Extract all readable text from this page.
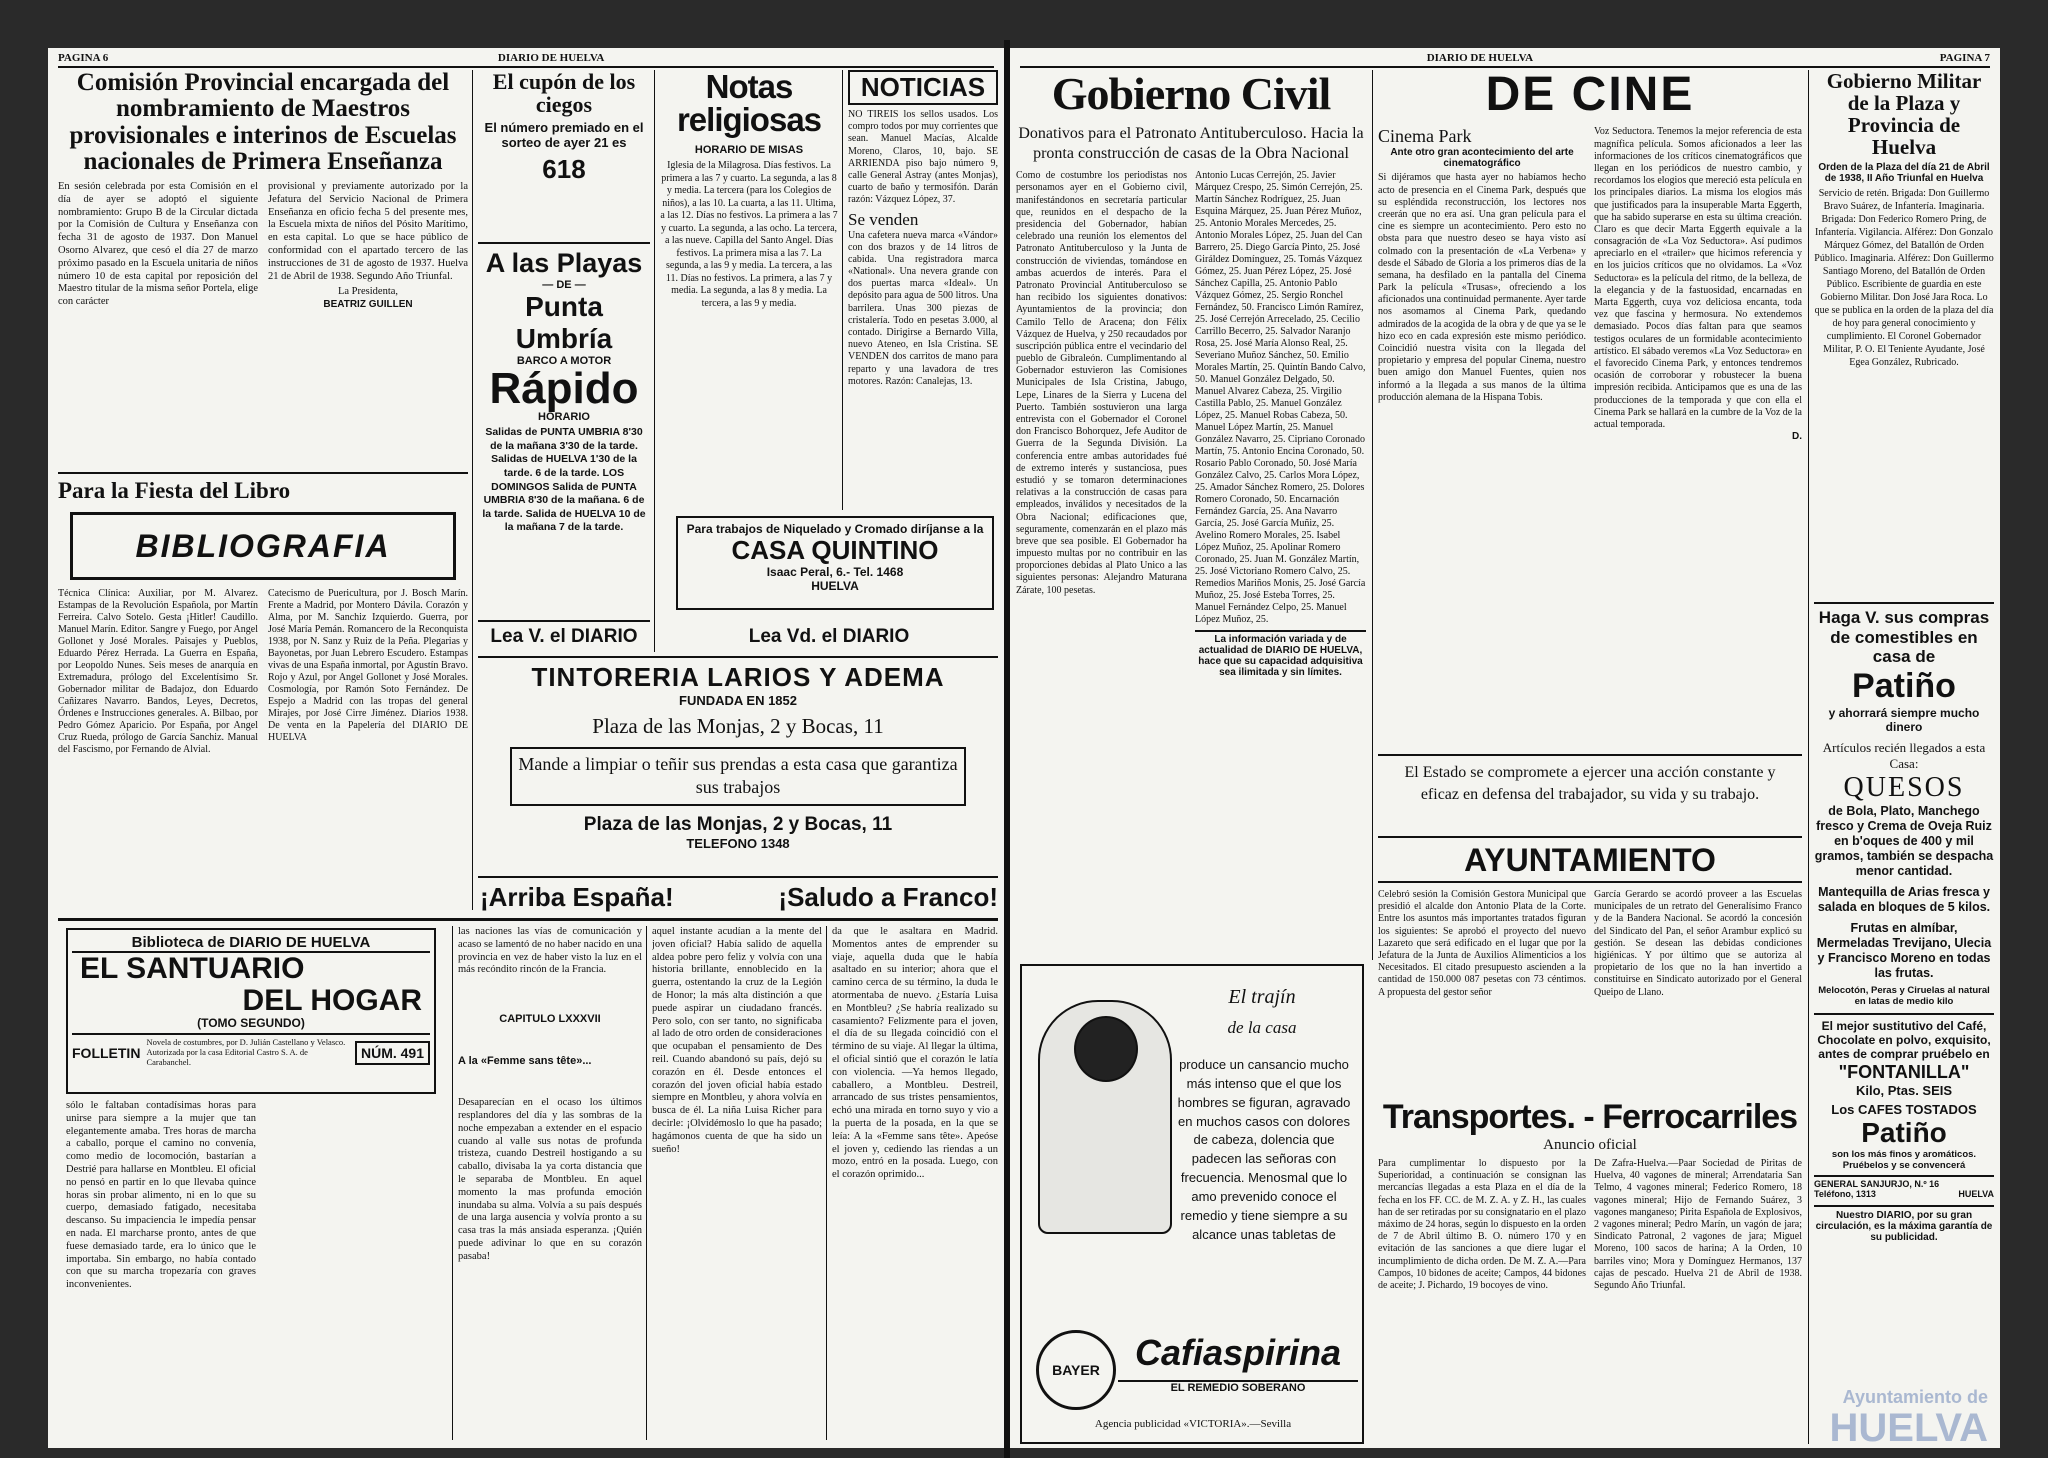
PAGINA 6	DIARIO DE HUELVA
Comisión Provincial encargada del nombramiento de Maestros provisionales e interinos de Escuelas nacionales de Primera Enseñanza
En sesión celebrada por esta Comisión en el día de ayer se adoptó el siguiente nombramiento: Grupo B de la Circular dictada por la Comisión de Cultura y Enseñanza con fecha 31 de agosto de 1937. Don Manuel Osorno Alvarez, que cesó el día 27 de marzo próximo pasado en la Escuela unitaria de niños número 10 de esta capital por reposición del Maestro titular de la misma señor Portela, elige con carácter
provisional y previamente autorizado por la Jefatura del Servicio Nacional de Primera Enseñanza en oficio fecha 5 del presente mes, la Escuela mixta de niños del Pósito Marítimo, en esta capital. Lo que se hace público de conformidad con el apartado tercero de las instrucciones de 31 de agosto de 1937. Huelva 21 de Abril de 1938. Segundo Año Triunfal.
La Presidenta,
BEATRIZ GUILLEN
Para la Fiesta del Libro
BIBLIOGRAFIA
Técnica Clínica: Auxiliar, por M. Alvarez. Estampas de la Revolución Española, por Martín Ferreira. Calvo Sotelo. Gesta ¡Hitler! Caudillo. Manuel Marín. Editor. Sangre y Fuego, por Angel Gollonet y José Morales. Paisajes y Pueblos, Eduardo Pérez Herrada. La Guerra en España, por Leopoldo Nunes. Seis meses de anarquía en Extremadura, prólogo del Excelentísimo Sr. Gobernador militar de Badajoz, don Eduardo Cañizares Navarro. Bandos, Leyes, Decretos, Órdenes e Instrucciones generales. A. Bilbao, por Pedro Gómez Aparicio. Por España, por Angel Cruz Rueda, prólogo de García Sanchiz. Manual del Fascismo, por Fernando de Alvial.
Catecismo de Puericultura, por J. Bosch Marín. Frente a Madrid, por Montero Dávila. Corazón y Alma, por M. Sanchiz Izquierdo. Guerra, por José María Pemán. Romancero de la Reconquista 1938, por N. Sanz y Ruiz de la Peña. Plegarias y Bayonetas, por Juan Lebrero Escudero. Estampas vivas de una España inmortal, por Agustín Bravo. Rojo y Azul, por Angel Gollonet y José Morales. Cosmología, por Ramón Soto Fernández. De Espejo a Madrid con las tropas del general Mirajes, por José Cirre Jiménez. Diarios 1938. De venta en la Papelería del DIARIO DE HUELVA
El cupón de los ciegos
El número premiado en el sorteo de ayer 21 es
618
A las Playas
— DE —
Punta Umbría
BARCO A MOTOR
Rápido
HORARIO
Salidas de PUNTA UMBRIA 8'30 de la mañana 3'30 de la tarde. Salidas de HUELVA 1'30 de la tarde. 6 de la tarde. LOS DOMINGOS Salida de PUNTA UMBRIA 8'30 de la mañana. 6 de la tarde. Salida de HUELVA 10 de la mañana 7 de la tarde.
Lea V. el DIARIO
Notas religiosas
HORARIO DE MISAS
Iglesia de la Milagrosa. Días festivos. La primera a las 7 y cuarto. La segunda, a las 8 y media. La tercera (para los Colegios de niños), a las 10. La cuarta, a las 11. Ultima, a las 12. Días no festivos. La primera a las 7 y cuarto. La segunda, a las ocho. La tercera, a las nueve. Capilla del Santo Angel. Días festivos. La primera misa a las 7. La segunda, a las 9 y media. La tercera, a las 11. Días no festivos. La primera, a las 7 y media. La segunda, a las 8 y media. La tercera, a las 9 y media.
NOTICIAS
NO TIREIS los sellos usados. Los compro todos por muy corrientes que sean. Manuel Macías, Alcalde Moreno, Claros, 10, bajo. SE ARRIENDA piso bajo número 9, calle General Astray (antes Monjas), cuarto de baño y termosifón. Darán razón: Vázquez López, 37.
Se venden
Una cafetera nueva marca «Vándor» con dos brazos y de 14 litros de cabida. Una registradora marca «National». Una nevera grande con dos puertas marca «Ideal». Un depósito para agua de 500 litros. Una barrilera. Unas 300 piezas de cristalería. Todo en pesetas 3.000, al contado. Dirigirse a Bernardo Villa, nuevo Ateneo, en Isla Cristina. SE VENDEN dos carritos de mano para reparto y una lavadora de tres motores. Razón: Canalejas, 13.
Para trabajos de Niquelado y Cromado diríjanse a la
CASA QUINTINO
Isaac Peral, 6.- Tel. 1468
HUELVA
Lea Vd. el DIARIO
TINTORERIA LARIOS Y ADEMA
FUNDADA EN 1852
Plaza de las Monjas, 2 y Bocas, 11
Mande a limpiar o teñir sus prendas a esta casa que garantiza sus trabajos
Plaza de las Monjas, 2 y Bocas, 11
TELEFONO 1348
¡Arriba España!	¡Saludo a Franco!
Biblioteca de DIARIO DE HUELVA
EL SANTUARIO
DEL HOGAR
(TOMO SEGUNDO)
FOLLETIN
Novela de costumbres, por D. Julián Castellano y Velasco. Autorizada por la casa Editorial Castro S. A. de Carabanchel.
NÚM. 491
sólo le faltaban contadísimas horas para unirse para siempre a la mujer que tan elegantemente amaba. Tres horas de marcha a caballo, porque el camino no convenía, como medio de locomoción, bastarían a Destrié para hallarse en Montbleu. El oficial no pensó en partir en lo que llevaba quince horas sin probar alimento, ni en lo que su cuerpo, demasiado fatigado, necesitaba descanso. Su impaciencia le impedía pensar en nada. El marcharse pronto, antes de que fuese demasiado tarde, era lo único que le importaba. Sin embargo, no había contado con que su marcha tropezaría con graves inconvenientes.
las naciones las vías de comunicación y acaso se lamentó de no haber nacido en una provincia en vez de haber visto la luz en el más recóndito rincón de la Francia.
CAPITULO LXXXVII
A la «Femme sans tête»...
Desaparecían en el ocaso los últimos resplandores del día y las sombras de la noche empezaban a extender en el espacio cuando al valle sus notas de profunda tristeza, cuando Destreil hostigando a su caballo, divisaba la ya corta distancia que le separaba de Montbleu. En aquel momento la mas profunda emoción inundaba su alma. Volvía a su país después de una larga ausencia y volvía pronto a su casa tras la más ansiada esperanza. ¡Quién puede adivinar lo que en su corazón pasaba!
aquel instante acudían a la mente del joven oficial? Había salido de aquella aldea pobre pero feliz y volvía con una historia brillante, ennoblecido en la guerra, ostentando la cruz de la Legión de Honor; la más alta distinción a que puede aspirar un ciudadano francés. Pero solo, con ser tanto, no significaba al lado de otro orden de consideraciones que ocupaban el pensamiento de Des reil. Cuando abandonó su país, dejó su corazón en él. Desde entonces el corazón del joven oficial había estado siempre en Montbleu, y ahora volvía en busca de él. La niña Luisa Richer para decirle: ¡Olvidémoslo lo que ha pasado; hagámonos cuenta de que ha sido un sueño!
da que le asaltara en Madrid. Momentos antes de emprender su viaje, aquella duda que le había asaltado en su interior; ahora que el camino cerca de su término, la duda le atormentaba de nuevo. ¿Estaría Luisa en Montbleu? ¿Se habría realizado su casamiento? Felizmente para el joven, el día de su llegada coincidió con el término de su viaje. Al llegar la última, el oficial sintió que el corazón le latía con violencia. —Ya hemos llegado, caballero, a Montbleu. Destreil, arrancado de sus tristes pensamientos, echó una mirada en torno suyo y vio a la puerta de la posada, en la que se leía: A la «Femme sans tête». Apeóse el joven y, cediendo las riendas a un mozo, entró en la posada. Luego, con el corazón oprimido...
DIARIO DE HUELVA	PAGINA 7
Gobierno Civil
Donativos para el Patronato Antituberculoso. Hacia la pronta construcción de casas de la Obra Nacional
Como de costumbre los periodistas nos personamos ayer en el Gobierno civil, manifestándonos en secretaría particular que, reunidos en el despacho de la presidencia del Gobernador, habían celebrado una reunión los elementos del Patronato Antituberculoso y la Junta de construcción de viviendas, tomándose en ambas acuerdos de interés. Para el Patronato Provincial Antituberculoso se han recibido los siguientes donativos: Ayuntamientos de la provincia; don Camilo Tello de Aracena; don Félix Vázquez de Huelva, y 250 recaudados por suscripción pública entre el vecindario del pueblo de Gibraleón. Cumplimentando al Gobernador estuvieron las Comisiones Municipales de Isla Cristina, Jabugo, Lepe, Linares de la Sierra y Lucena del Puerto. También sostuvieron una larga entrevista con el Gobernador el Coronel don Francisco Bohorquez, Jefe Auditor de Guerra de la Segunda División. La conferencia entre ambas autoridades fué de extremo interés y sustanciosa, pues estudió y se tomaron determinaciones relativas a la construcción de casas para empleados, inválidos y necesitados de la Obra Nacional; edificaciones que, seguramente, comenzarán en el plazo más breve que sea posible. El Gobernador ha impuesto multas por no contribuir en las proporciones debidas al Plato Unico a las siguientes personas: Alejandro Maturana Zárate, 100 pesetas.
Antonio Lucas Cerrejón, 25. Javier Márquez Crespo, 25. Simón Cerrejón, 25. Martín Sánchez Rodríguez, 25. Juan Esquina Márquez, 25. Juan Pérez Muñoz, 25. Antonio Morales Mercedes, 25. Antonio Morales López, 25. Juan del Can Barrero, 25. Diego García Pinto, 25. José Giráldez Domínguez, 25. Tomás Vázquez Gómez, 25. Juan Pérez López, 25. José Sánchez Capilla, 25. Antonio Pablo Vázquez Gómez, 25. Sergio Ronchel Fernández, 50. Francisco Limón Ramírez, 25. José Cerrejón Arrecelado, 25. Cecilio Carrillo Becerro, 25. Salvador Naranjo Rosa, 25. José María Alonso Real, 25. Severiano Muñoz Sánchez, 50. Emilio Morales Martín, 25. Quintín Bando Calvo, 50. Manuel González Delgado, 50. Manuel Alvarez Cabeza, 25. Virgilio Castilla Pablo, 25. Manuel González López, 25. Manuel Robas Cabeza, 50. Manuel López Martín, 25. Manuel González Navarro, 25. Cipriano Coronado Martín, 75. Antonio Encina Coronado, 50. Rosario Pablo Coronado, 50. José María González Calvo, 25. Carlos Mora López, 25. Amador Sánchez Romero, 25. Dolores Romero Coronado, 50. Encarnación Fernández García, 25. Ana Navarro García, 25. José García Muñiz, 25. Avelino Romero Morales, 25. Isabel López Muñoz, 25. Apolinar Romero Coronado, 25. Juan M. González Martín, 25. José Victoriano Romero Calvo, 25. Remedios Mariños Monis, 25. José García Muñoz, 25. José Esteba Torres, 25. Manuel Fernández Celpo, 25. Manuel López Muñoz, 25.
La información variada y de actualidad de DIARIO DE HUELVA, hace que su capacidad adquisitiva sea ilimitada y sin límites.
DE CINE
Cinema Park
Ante otro gran acontecimiento del arte cinematográfico
Si dijéramos que hasta ayer no habíamos hecho acto de presencia en el Cinema Park, después que su espléndida reconstrucción, los lectores nos creerán que no era así. Una gran película para el cine es siempre un acontecimiento. Pero esto no obsta para que nuestro deseo se haya visto así colmado con la presentación de «La Verbena» y desde el Sábado de Gloria a los primeros días de la semana, ha desfilado en la pantalla del Cinema Park la película «Trusas», ofreciendo a los aficionados una continuidad permanente. Ayer tarde nos asomamos al Cinema Park, quedando admirados de la acogida de la obra y de que ya se le hizo eco en cada expresión este mismo periódico. Coincidió nuestra visita con la llegada del propietario y empresa del popular Cinema, nuestro buen amigo don Manuel Fuentes, quien nos informó a la llegada a sus manos de la última producción alemana de la Hispana Tobis.
Voz Seductora. Tenemos la mejor referencia de esta magnífica película. Somos aficionados a leer las informaciones de los críticos cinematográficos que llegan en los periódicos de nuestro cambio, y recordamos los elogios que mereció esta película en los principales diarios. La misma los elogios más que justificados para la insuperable Marta Eggerth, que ha sabido superarse en esta su última creación. Claro es que decir Marta Eggerth equivale a la consagración de «La Voz Seductora». Así pudimos apreciarlo en el «trailer» que hicimos referencia y en los juicios críticos que no olvidamos. La «Voz Seductora» es la película del ritmo, de la belleza, de la elegancia y de la fastuosidad, encarnadas en Marta Eggerth, cuya voz deliciosa encanta, toda vez que fascina y hermosura. No extendemos demasiado. Pocos días faltan para que seamos testigos oculares de un formidable acontecimiento artístico. El sábado veremos «La Voz Seductora» en el favorecido Cinema Park, y entonces tendremos ocasión de corroborar y robustecer la buena impresión recibida. Anticipamos que es una de las producciones de la temporada y que con ella el Cinema Park se hallará en la cumbre de la Voz de la actual temporada.
D.
El Estado se compromete a ejercer una acción constante y eficaz en defensa del trabajador, su vida y su trabajo.
AYUNTAMIENTO
Celebró sesión la Comisión Gestora Municipal que presidió el alcalde don Antonio Plata de la Corte. Entre los asuntos más importantes tratados figuran los siguientes: Se aprobó el proyecto del nuevo Lazareto que será edificado en el lugar que por la Jefatura de la Junta de Auxilios Alimenticios a los Necesitados. El citado presupuesto ascienden a la cantidad de 150.000 087 pesetas con 73 céntimos. A propuesta del gestor señor
García Gerardo se acordó proveer a las Escuelas municipales de un retrato del Generalísimo Franco y de la Bandera Nacional. Se acordó la concesión del Sindicato del Pan, el señor Arambur explicó su gestión. Se desean las debidas condiciones higiénicas. Y por último que se autoriza al propietario de los que no la han invertido a constituirse en Sindicato autorizado por el General Queipo de Llano.
El trajín
de la casa
produce un cansancio mucho más intenso que el que los hombres se figuran, agravado en muchos casos con dolores de cabeza, dolencia que padecen las señoras con frecuencia. Menosmal que lo amo prevenido conoce el remedio y tiene siempre a su alcance unas tabletas de
BAYER Cafiaspirina
EL REMEDIO SOBERANO
Agencia publicidad «VICTORIA».—Sevilla
Transportes. - Ferrocarriles
Anuncio oficial
Para cumplimentar lo dispuesto por la Superioridad, a continuación se consignan las mercancías llegadas a esta Plaza en el día de la fecha en los FF. CC. de M. Z. A. y Z. H., las cuales han de ser retiradas por su consignatario en el plazo máximo de 24 horas, según lo dispuesto en la orden de 7 de Abril último B. O. número 170 y en evitación de las sanciones a que diere lugar el incumplimiento de dicha orden. De M. Z. A.—Para Campos, 10 bidones de aceite; Campos, 44 bidones de aceite; J. Pichardo, 19 bocoyes de vino.
De Zafra-Huelva.—Paar Sociedad de Piritas de Huelva, 40 vagones de mineral; Arrendataria San Telmo, 4 vagones mineral; Federico Romero, 18 vagones mineral; Hijo de Fernando Suárez, 3 vagones manganeso; Pirita Española de Explosivos, 2 vagones mineral; Pedro Marín, un vagón de jara; Sindicato Patronal, 2 vagones de jara; Miguel Moreno, 100 sacos de harina; A la Orden, 10 barriles vino; Mora y Domínguez Hermanos, 137 cajas de pescado. Huelva 21 de Abril de 1938. Segundo Año Triunfal.
Gobierno Militar de la Plaza y Provincia de Huelva
Orden de la Plaza del día 21 de Abril de 1938, II Año Triunfal en Huelva
Servicio de retén. Brigada: Don Guillermo Bravo Suárez, de Infantería. Imaginaria. Brigada: Don Federico Romero Pring, de Infantería. Vigilancia. Alférez: Don Gonzalo Márquez Gómez, del Batallón de Orden Público. Imaginaria. Alférez: Don Guillermo Santiago Moreno, del Batallón de Orden Público. Escribiente de guardia en este Gobierno Militar. Don José Jara Roca. Lo que se publica en la orden de la plaza del día de hoy para general conocimiento y cumplimiento. El Coronel Gobernador Militar, P. O. El Teniente Ayudante, José Egea González, Rubricado.
Haga V. sus compras de comestibles en casa de
Patiño
y ahorrará siempre mucho dinero
Artículos recién llegados a esta Casa:
QUESOS
de Bola, Plato, Manchego fresco y Crema de Oveja Ruiz en b'oques de 400 y mil gramos, también se despacha menor cantidad.
Mantequilla de Arias fresca y salada en bloques de 5 kilos.
Frutas en almíbar, Mermeladas Trevijano, Ulecia y Francisco Moreno en todas las frutas.
Melocotón, Peras y Ciruelas al natural en latas de medio kilo
El mejor sustitutivo del Café, Chocolate en polvo, exquisito, antes de comprar pruébelo en
"FONTANILLA"
Kilo, Ptas. SEIS
Los CAFES TOSTADOS
Patiño
son los más finos y aromáticos. Pruébelos y se convencerá
GENERAL SANJURJO, N.º 16
Teléfono, 1313	HUELVA
Nuestro DIARIO, por su gran circulación, es la máxima garantía de su publicidad.
Ayuntamiento de
HUELVA
